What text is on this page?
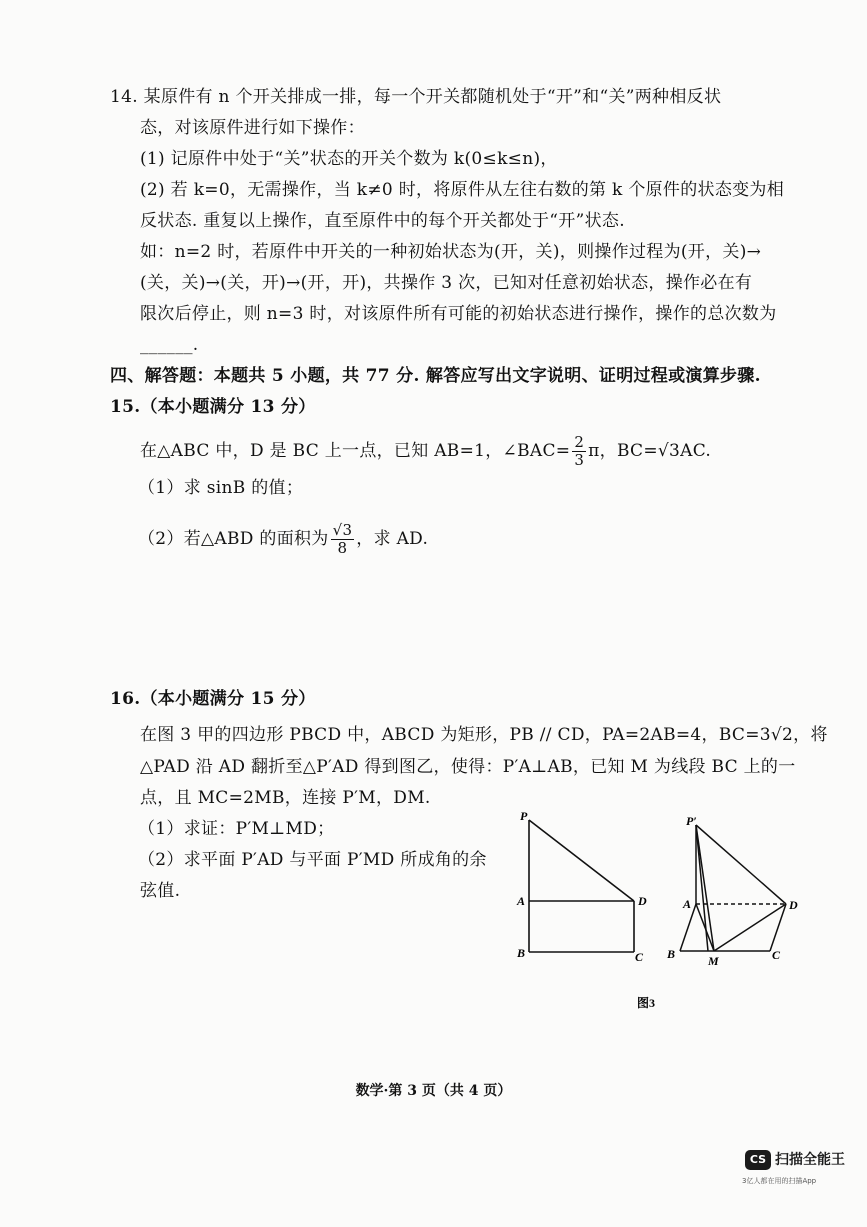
14. 某原件有 n 个开关排成一排，每一个开关都随机处于“开”和“关”两种相反状
态，对该原件进行如下操作：
(1) 记原件中处于“关”状态的开关个数为 k(0≤k≤n)，
(2) 若 k=0，无需操作，当 k≠0 时，将原件从左往右数的第 k 个原件的状态变为相
反状态. 重复以上操作，直至原件中的每个开关都处于“开”状态.
如：n=2 时，若原件中开关的一种初始状态为(开，关)，则操作过程为(开，关)→
(关，关)→(关，开)→(开，开)，共操作 3 次，已知对任意初始状态，操作必在有
限次后停止，则 n=3 时，对该原件所有可能的初始状态进行操作，操作的总次数为
______.
四、解答题：本题共 5 小题，共 77 分. 解答应写出文字说明、证明过程或演算步骤.
15.（本小题满分 13 分）
在△ABC 中，D 是 BC 上一点，已知 AB=1，∠BAC= $\frac{2}{3}$ π，BC=√3AC.
（1）求 sinB 的值；
（2）若△ABD 的面积为 $\frac{√3}{8}$ ，求 AD.
16.（本小题满分 15 分）
在图 3 甲的四边形 PBCD 中，ABCD 为矩形，PB // CD，PA=2AB=4，BC=3√2，将
△PAD 沿 AD 翻折至△P′AD 得到图乙，使得：P′A⊥AB，已知 M 为线段 BC 上的一
点，且 MC=2MB，连接 P′M，DM.
（1）求证：P′M⊥MD；
（2）求平面 P′AD 与平面 P′MD 所成角的余
弦值.
P
A	D
B	C
P′
A	D
B	M	C
图3
数学·第 3 页（共 4 页）
CS 扫描全能王
3亿人都在用的扫描App
